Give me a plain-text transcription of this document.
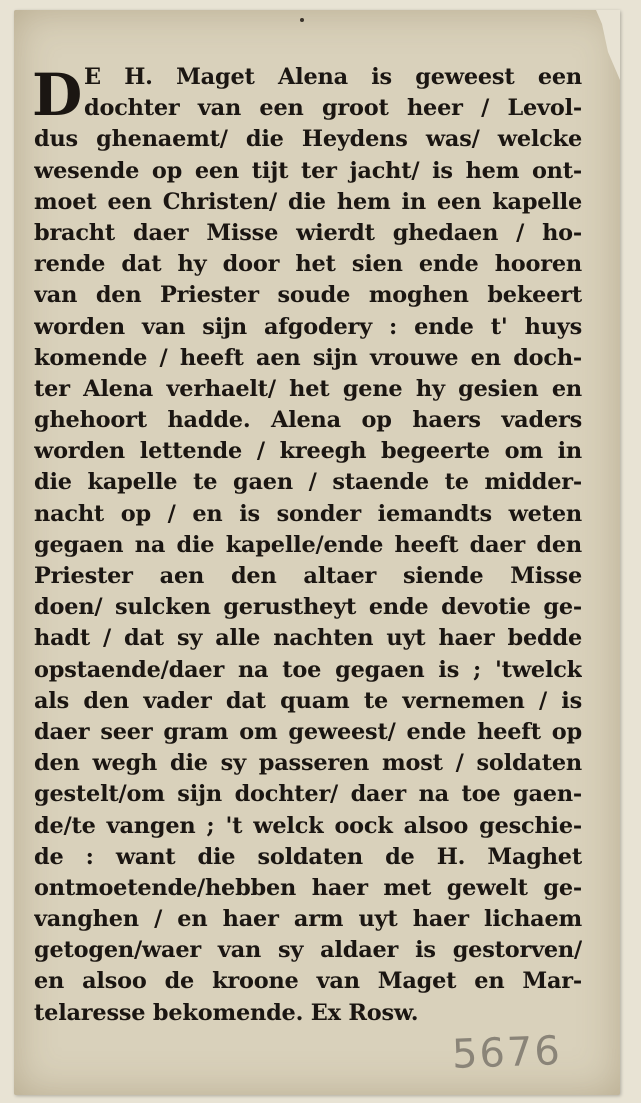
D E H. Maget Alena is geweest een
dochter van een groot heer / Levol-
dus ghenaemt/ die Heydens was/ welcke
wesende op een tijt ter jacht/ is hem ont-
moet een Christen/ die hem in een kapelle
bracht daer Misse wierdt ghedaen / ho-
rende dat hy door het sien ende hooren
van den Priester soude moghen bekeert
worden van sijn afgodery : ende t' huys
komende / heeft aen sijn vrouwe en doch-
ter Alena verhaelt/ het gene hy gesien en
ghehoort hadde. Alena op haers vaders
worden lettende / kreegh begeerte om in
die kapelle te gaen / staende te midder-
nacht op / en is sonder iemandts weten
gegaen na die kapelle/ende heeft daer den
Priester aen den altaer siende Misse
doen/ sulcken gerustheyt ende devotie ge-
hadt / dat sy alle nachten uyt haer bedde
opstaende/daer na toe gegaen is ; 'twelck
als den vader dat quam te vernemen / is
daer seer gram om geweest/ ende heeft op
den wegh die sy passeren most / soldaten
gestelt/om sijn dochter/ daer na toe gaen-
de/te vangen ; 't welck oock alsoo geschie-
de : want die soldaten de H. Maghet
ontmoetende/hebben haer met gewelt ge-
vanghen / en haer arm uyt haer lichaem
getogen/waer van sy aldaer is gestorven/
en alsoo de kroone van Maget en Mar-
telaresse bekomende. Ex Rosw.
5676
